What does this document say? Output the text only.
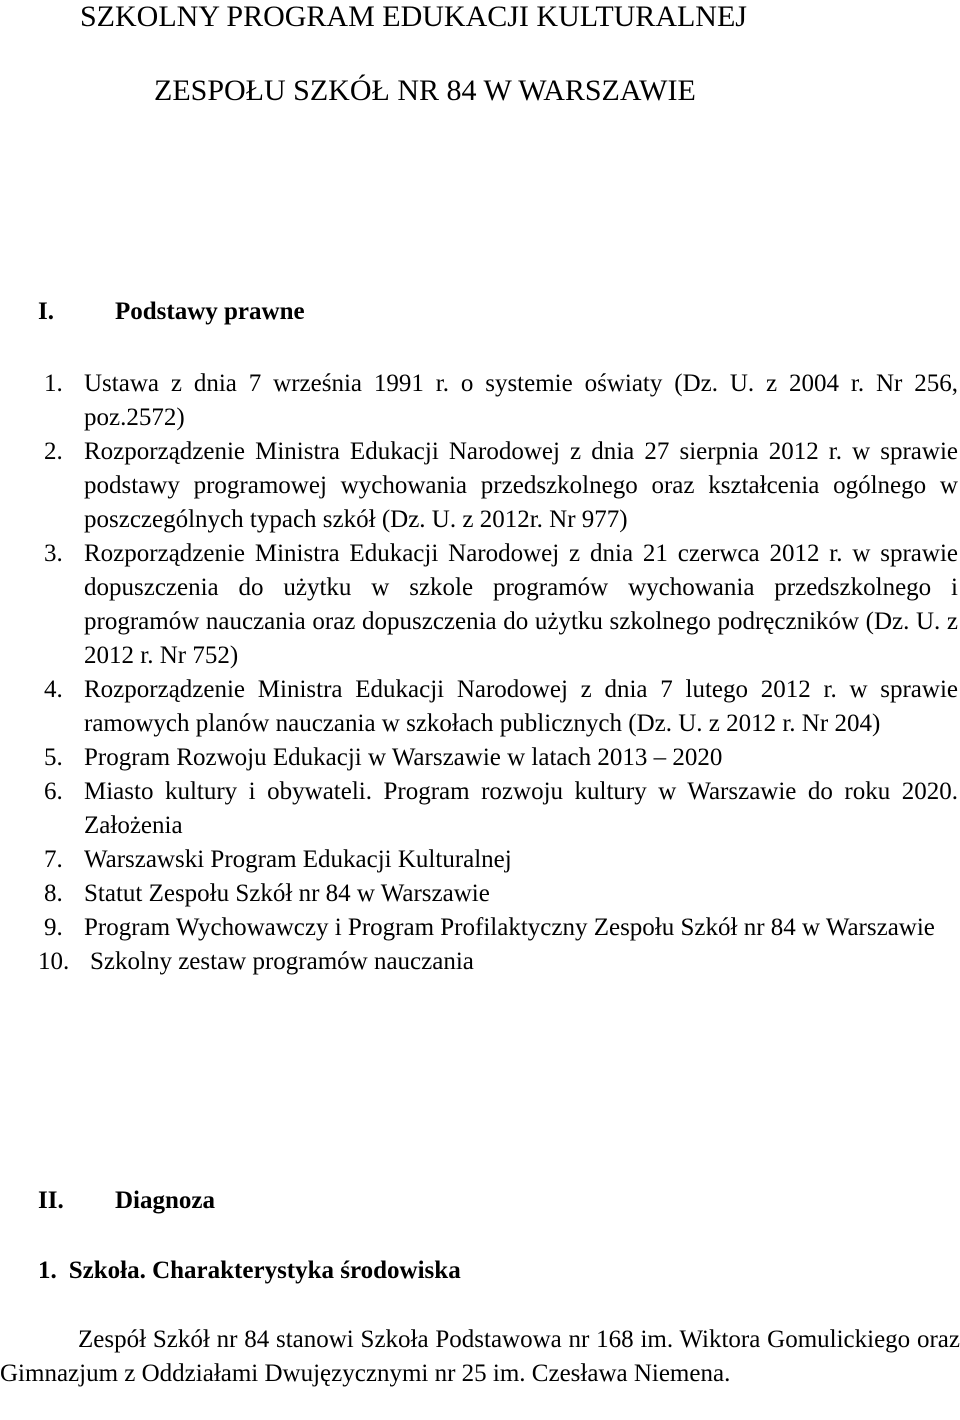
SZKOLNY PROGRAM EDUKACJI KULTURALNEJ
ZESPOŁU SZKÓŁ NR 84 W WARSZAWIE
I. Podstawy prawne
1. Ustawa z dnia 7 września 1991 r. o systemie oświaty (Dz. U. z 2004 r. Nr 256, poz.2572)
2. Rozporządzenie Ministra Edukacji Narodowej z dnia 27 sierpnia 2012 r. w sprawie podstawy programowej wychowania przedszkolnego oraz kształcenia ogólnego w poszczególnych typach szkół (Dz. U. z 2012r. Nr 977)
3. Rozporządzenie Ministra Edukacji Narodowej z dnia 21 czerwca 2012 r. w sprawie dopuszczenia do użytku w szkole programów wychowania przedszkolnego i programów nauczania oraz dopuszczenia do użytku szkolnego podręczników (Dz. U. z 2012 r. Nr 752)
4. Rozporządzenie Ministra Edukacji Narodowej z dnia 7 lutego 2012 r. w sprawie ramowych planów nauczania w szkołach publicznych (Dz. U. z 2012 r. Nr 204)
5. Program Rozwoju Edukacji w Warszawie w latach 2013 – 2020
6. Miasto kultury i obywateli. Program rozwoju kultury w Warszawie do roku 2020. Założenia
7. Warszawski Program Edukacji Kulturalnej
8. Statut Zespołu Szkół nr 84 w Warszawie
9. Program Wychowawczy i Program Profilaktyczny Zespołu Szkół nr 84 w Warszawie
10. Szkolny zestaw programów nauczania
II. Diagnoza
1. Szkoła. Charakterystyka środowiska

Zespół Szkół nr 84 stanowi Szkoła Podstawowa nr 168 im. Wiktora Gomulickiego oraz Gimnazjum z Oddziałami Dwujęzycznymi nr 25 im. Czesława Niemena.
